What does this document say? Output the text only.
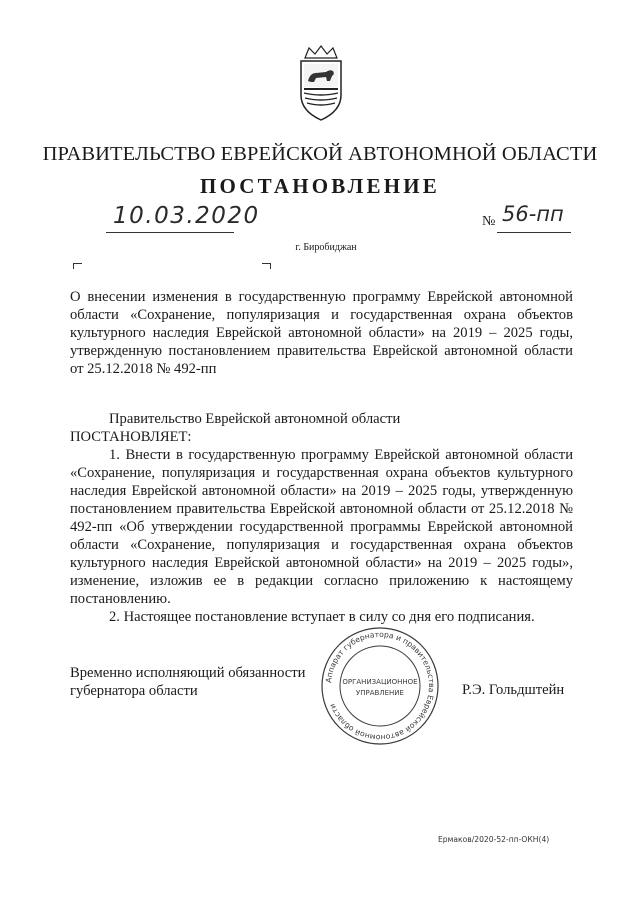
ПРАВИТЕЛЬСТВО ЕВРЕЙСКОЙ АВТОНОМНОЙ ОБЛАСТИ
ПОСТАНОВЛЕНИЕ
10.03.2020	№ 56-пп
г. Биробиджан
О внесении изменения в государственную программу Еврейской автономной области «Сохранение, популяризация и государственная охрана объектов культурного наследия Еврейской автономной области» на 2019 – 2025 годы, утвержденную постановлением правительства Еврейской автономной области от 25.12.2018 № 492-пп

Правительство Еврейской автономной области

ПОСТАНОВЛЯЕТ:

1. Внести в государственную программу Еврейской автономной области «Сохранение, популяризация и государственная охрана объектов культурного наследия Еврейской автономной области» на 2019 – 2025 годы, утвержденную постановлением правительства Еврейской автономной области от 25.12.2018 № 492-пп «Об утверждении государственной программы Еврейской автономной области «Сохранение, популяризация и государственная охрана объектов культурного наследия Еврейской автономной области» на 2019 – 2025 годы», изменение, изложив ее в редакции согласно приложению к настоящему постановлению.

2. Настоящее постановление вступает в силу со дня его подписания.

Временно исполняющий обязанности
губернатора области	Р.Э. Гольдштейн
Аппарат губернатора и правительства Еврейской автономной области
ОРГАНИЗАЦИОННОЕ
УПРАВЛЕНИЕ
Ермаков/2020-52-пп-ОКН(4)
